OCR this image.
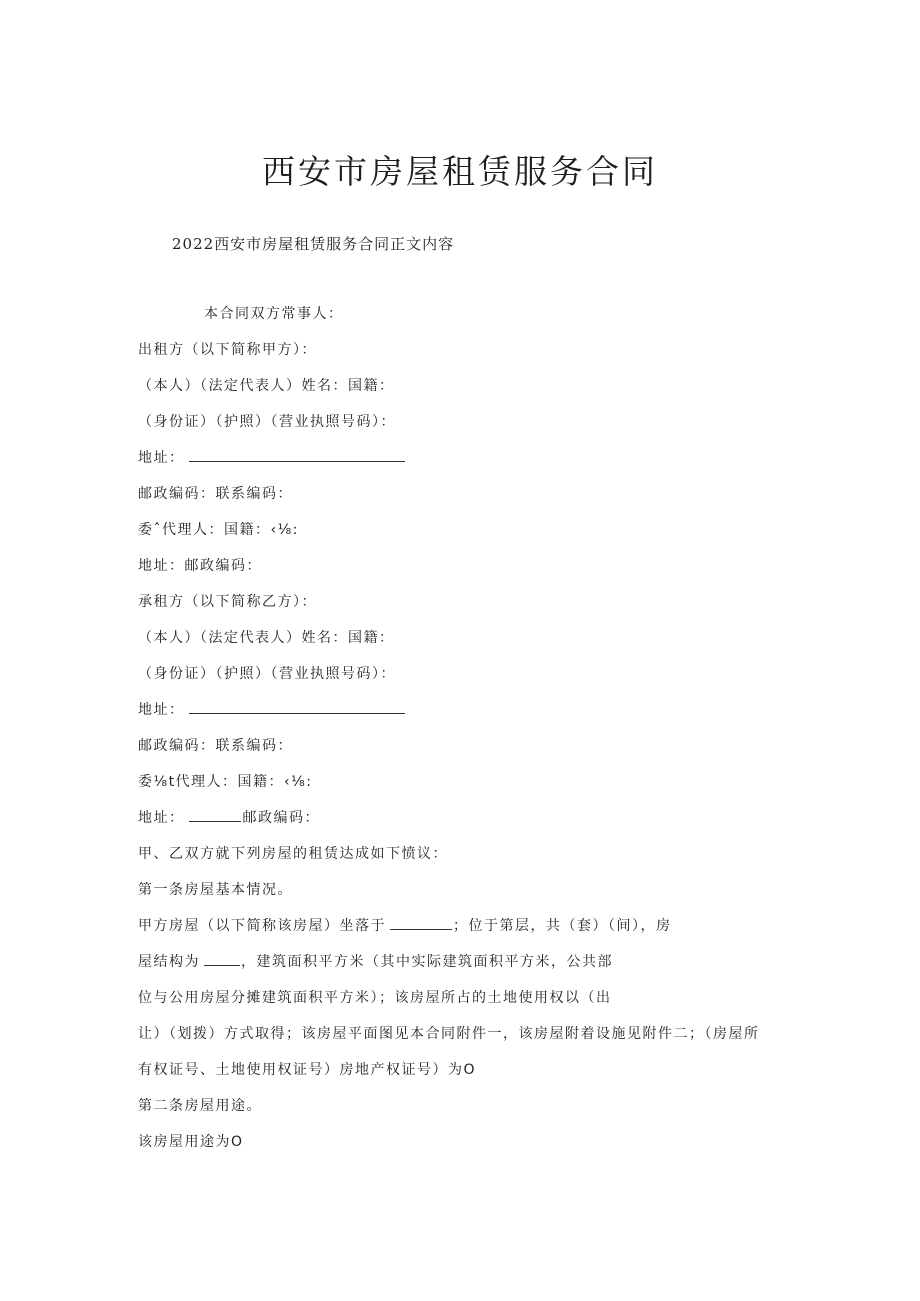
西安市房屋租赁服务合同
2022西安市房屋租赁服务合同正文内容
本合同双方常事人：
出租方（以下简称甲方）：
（本人）（法定代表人）姓名：国籍：
（身份证）（护照）（营业执照号码）：
地址：
邮政编码：联系编码：
委ˆ代理人：国籍：‹⅛:
地址：邮政编码：
承租方（以下简称乙方）：
（本人）（法定代表人）姓名：国籍：
（身份证）（护照）（营业执照号码）：
地址：
邮政编码：联系编码：
委⅛t代理人：国籍：‹⅛:
地址：	邮政编码：
甲、乙双方就下列房屋的租赁达成如下愤议：
第一条房屋基本情况。
甲方房屋（以下简称该房屋）坐落于	；位于第层，共（套）（间），房
屋结构为	，建筑面积平方米（其中实际建筑面积平方米，公共部
位与公用房屋分摊建筑面积平方米）；该房屋所占的土地使用权以（出
让）（划拨）方式取得；该房屋平面图见本合同附件一，该房屋附着设施见附件二；（房屋所
有权证号、土地使用权证号）房地产权证号）为O
第二条房屋用途。
该房屋用途为O
